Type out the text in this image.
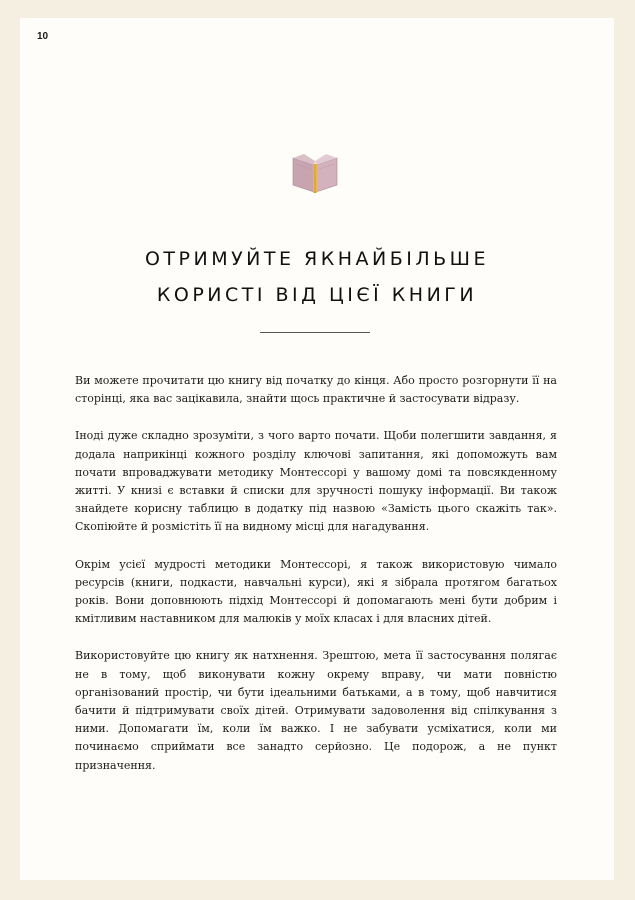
10
ОТРИМУЙТЕ ЯКНАЙБІЛЬШЕ
КОРИСТІ ВІД ЦІЄЇ КНИГИ

Ви можете прочитати цю книгу від початку до кінця. Або просто розгорнути її на сторінці, яка вас зацікавила, знайти щось практичне й застосувати відразу.

Іноді дуже складно зрозуміти, з чого варто почати. Щоби полегшити завдання, я додала наприкінці кожного розділу ключові запитання, які допоможуть вам почати впроваджувати методику Монтессорі у вашому домі та повсякденному житті. У книзі є вставки й списки для зручності пошуку інформації. Ви також знайдете корисну таблицю в додатку під назвою «Замість цього скажіть так». Скопіюйте й розмістіть її на видному місці для нагадування.

Окрім усієї мудрості методики Монтессорі, я також використовую чимало ресурсів (книги, подкасти, навчальні курси), які я зібрала протягом багатьох років. Вони доповнюють підхід Монтессорі й допомагають мені бути добрим і кмітливим наставником для малюків у моїх класах і для власних дітей.

Використовуйте цю книгу як натхнення. Зрештою, мета її застосування полягає не в тому, щоб виконувати кожну окрему вправу, чи мати повністю організований простір, чи бути ідеальними батьками, а в тому, щоб навчитися бачити й підтримувати своїх дітей. Отримувати задоволення від спілкування з ними. Допомагати їм, коли їм важко. І не забувати усміхатися, коли ми починаємо сприймати все занадто серйозно. Це подорож, а не пункт призначення.
